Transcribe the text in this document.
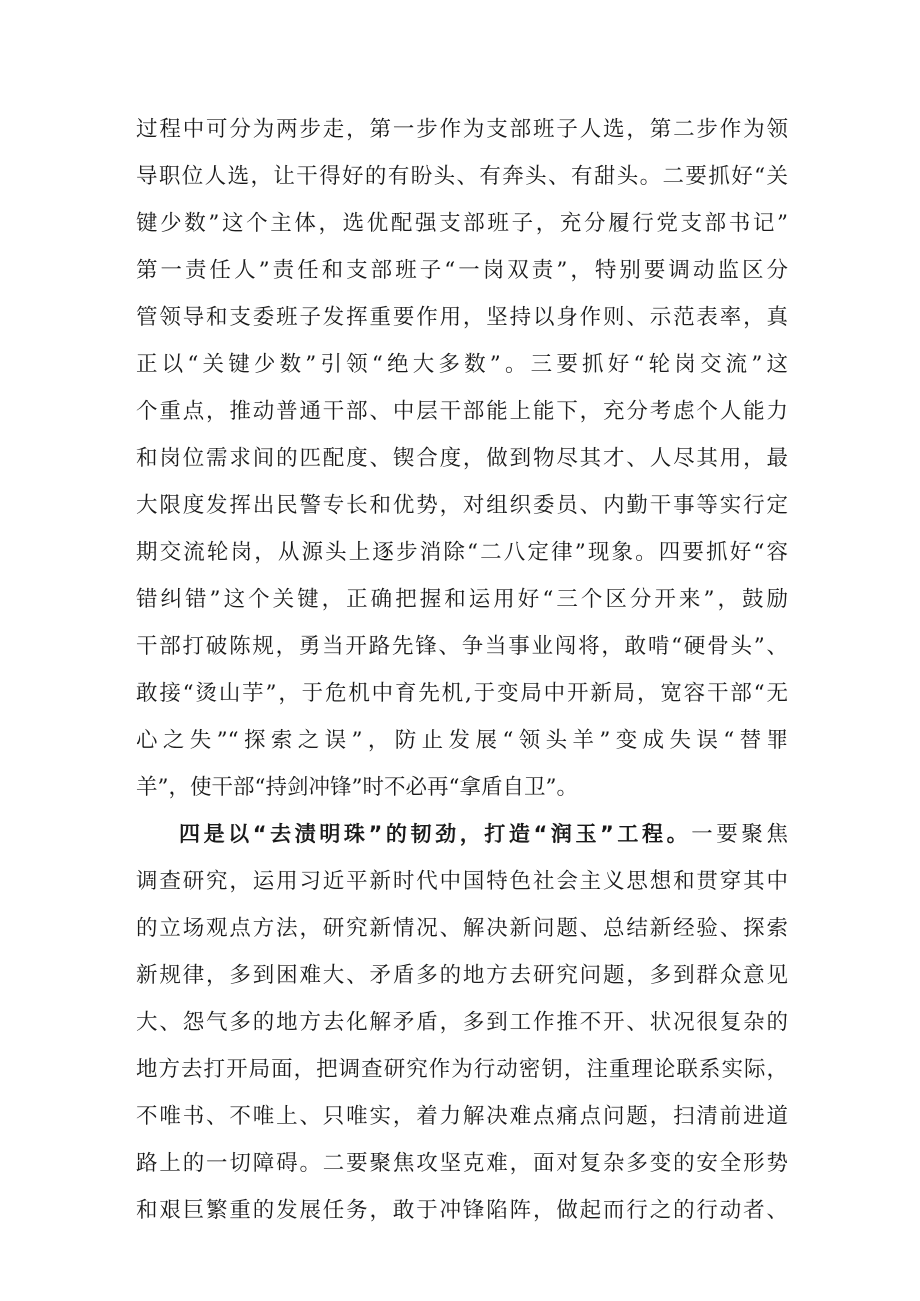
过程中可分为两步走，第一步作为支部班子人选，第二步作为领
导职位人选，让干得好的有盼头、有奔头、有甜头。二要抓好“关
键少数”这个主体，选优配强支部班子，充分履行党支部书记”
第一责任人”责任和支部班子“一岗双责”，特别要调动监区分
管领导和支委班子发挥重要作用，坚持以身作则、示范表率，真
正以“关键少数”引领“绝大多数”。三要抓好“轮岗交流”这
个重点，推动普通干部、中层干部能上能下，充分考虑个人能力
和岗位需求间的匹配度、锲合度，做到物尽其才、人尽其用，最
大限度发挥出民警专长和优势，对组织委员、内勤干事等实行定
期交流轮岗，从源头上逐步消除“二八定律”现象。四要抓好“容
错纠错”这个关键，正确把握和运用好“三个区分开来”，鼓励
干部打破陈规，勇当开路先锋、争当事业闯将，敢啃“硬骨头”、
敢接“烫山芋”，于危机中育先机,于变局中开新局，宽容干部“无
心之失”“探索之误”，防止发展“领头羊”变成失误“替罪
羊”，使干部“持剑冲锋”时不必再“拿盾自卫”。
四是以“去渍明珠”的韧劲，打造“润玉”工程。一要聚焦
调查研究，运用习近平新时代中国特色社会主义思想和贯穿其中
的立场观点方法，研究新情况、解决新问题、总结新经验、探索
新规律，多到困难大、矛盾多的地方去研究问题，多到群众意见
大、怨气多的地方去化解矛盾，多到工作推不开、状况很复杂的
地方去打开局面，把调查研究作为行动密钥，注重理论联系实际，
不唯书、不唯上、只唯实，着力解决难点痛点问题，扫清前进道
路上的一切障碍。二要聚焦攻坚克难，面对复杂多变的安全形势
和艰巨繁重的发展任务，敢于冲锋陷阵，做起而行之的行动者、
